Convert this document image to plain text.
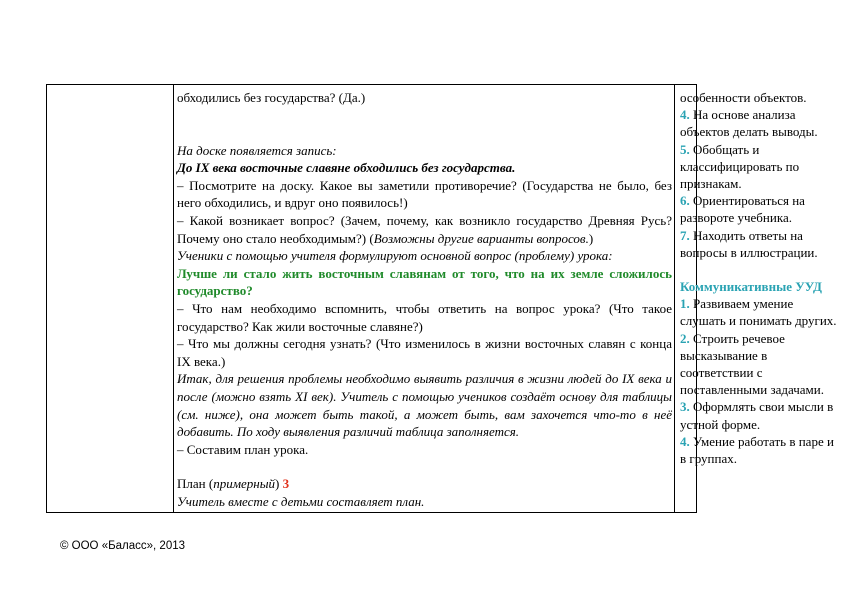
обходились без государства? (Да.)

На доске появляется запись:

До IX века восточные славяне обходились без государства.

– Посмотрите на доску. Какое вы заметили противоречие? (Государства не было, без него обходились, и вдруг оно появилось!)

– Какой возникает вопрос? (Зачем, почему, как возникло государство Древняя Русь? Почему оно стало необходимым?) (Возможны другие варианты вопросов.)

Ученики с помощью учителя формулируют основной вопрос (проблему) урока:

Лучше ли стало жить восточным славянам от того, что на их земле сложилось государство?

– Что нам необходимо вспомнить, чтобы ответить на вопрос урока? (Что такое государство? Как жили восточные славяне?)

– Что мы должны сегодня узнать? (Что изменилось в жизни восточных славян с конца IX века.)

Итак, для решения проблемы необходимо выявить различия в жизни людей до IX века и после (можно взять XI век). Учитель с помощью учеников создаёт основу для таблицы (см. ниже), она может быть такой, а может быть, вам захочется что-то в неё добавить. По ходу выявления различий таблица заполняется.

– Составим план урока.

План (примерный) 3

Учитель вместе с детьми составляет план.

особенности объектов.

4. На основе анализа объектов делать выводы.

5. Обобщать и классифицировать по признакам.

6. Ориентироваться на развороте учебника.

7. Находить ответы на вопросы в иллюстрации.

Коммуникативные УУД

1. Развиваем умение слушать и понимать других.

2. Строить речевое высказывание в соответствии с поставленными задачами.

3. Оформлять свои мысли в устной форме.

4. Умение работать в паре и в группах.

© ООО «Баласс», 2013
